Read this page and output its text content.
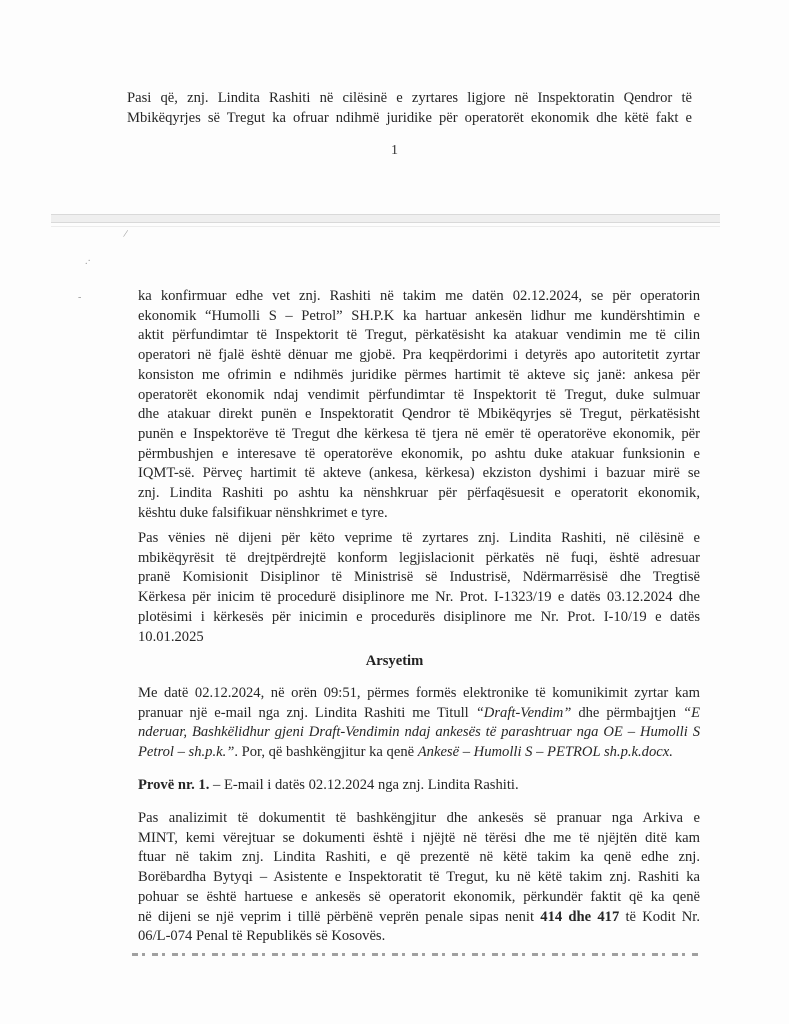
Pasi që, znj. Lindita Rashiti në cilësinë e zyrtares ligjore në Inspektoratin Qendror të
Mbikëqyrjes së Tregut ka ofruar ndihmë juridike për operatorët ekonomik dhe këtë fakt e

1
/
.·
-	ka konfirmuar edhe vet znj. Rashiti në takim me datën 02.12.2024, se për operatorin
ekonomik “Humolli S – Petrol” SH.P.K ka hartuar ankesën lidhur me kundërshtimin e
aktit përfundimtar të Inspektorit të Tregut, përkatësisht ka atakuar vendimin me të cilin
operatori në fjalë është dënuar me gjobë. Pra keqpërdorimi i detyrës apo autoritetit zyrtar
konsiston me ofrimin e ndihmës juridike përmes hartimit të akteve siç janë: ankesa për
operatorët ekonomik ndaj vendimit përfundimtar të Inspektorit të Tregut, duke sulmuar
dhe atakuar direkt punën e Inspektoratit Qendror të Mbikëqyrjes së Tregut, përkatësisht
punën e Inspektorëve të Tregut dhe kërkesa të tjera në emër të operatorëve ekonomik, për
përmbushjen e interesave të operatorëve ekonomik, po ashtu duke atakuar funksionin e
IQMT-së. Përveç hartimit të akteve (ankesa, kërkesa) ekziston dyshimi i bazuar mirë se
znj. Lindita Rashiti po ashtu ka nënshkruar për përfaqësuesit e operatorit ekonomik,
kështu duke falsifikuar nënshkrimet e tyre.

Pas vënies në dijeni për këto veprime të zyrtares znj. Lindita Rashiti, në cilësinë e
mbikëqyrësit të drejtpërdrejtë konform legjislacionit përkatës në fuqi, është adresuar
pranë Komisionit Disiplinor të Ministrisë së Industrisë, Ndërmarrësisë dhe Tregtisë
Kërkesa për inicim të procedurë disiplinore me Nr. Prot. I-1323/19 e datës 03.12.2024 dhe
plotësimi i kërkesës për inicimin e procedurës disiplinore me Nr. Prot. I-10/19 e datës
10.01.2025

Arsyetim

Me datë 02.12.2024, në orën 09:51, përmes formës elektronike të komunikimit zyrtar kam
pranuar një e-mail nga znj. Lindita Rashiti me Titull “Draft-Vendim” dhe përmbajtjen “E
nderuar, Bashkëlidhur gjeni Draft-Vendimin ndaj ankesës të parashtruar nga OE – Humolli S
Petrol – sh.p.k.”. Por, që bashkëngjitur ka qenë Ankesë – Humolli S – PETROL sh.p.k.docx.

Provë nr. 1. – E-mail i datës 02.12.2024 nga znj. Lindita Rashiti.

Pas analizimit të dokumentit të bashkëngjitur dhe ankesës së pranuar nga Arkiva e
MINT, kemi vërejtuar se dokumenti është i njëjtë në tërësi dhe me të njëjtën ditë kam
ftuar në takim znj. Lindita Rashiti, e që prezentë në këtë takim ka qenë edhe znj.
Borëbardha Bytyqi – Asistente e Inspektoratit të Tregut, ku në këtë takim znj. Rashiti ka
pohuar se është hartuese e ankesës së operatorit ekonomik, përkundër faktit që ka qenë
në dijeni se një veprim i tillë përbënë veprën penale sipas nenit 414 dhe 417 të Kodit Nr.
06/L-074 Penal të Republikës së Kosovës.
